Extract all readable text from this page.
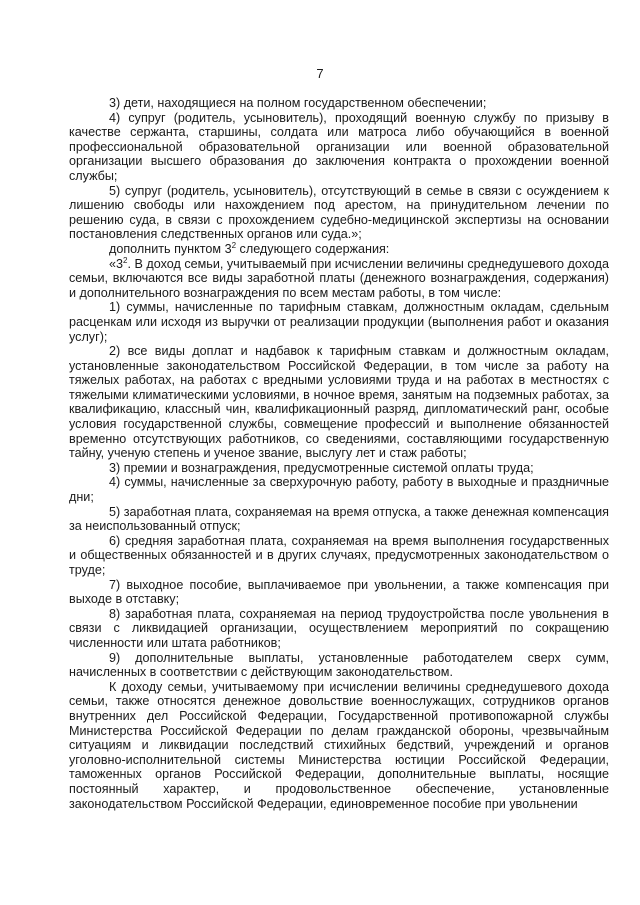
7

3) дети, находящиеся на полном государственном обеспечении;

4) супруг (родитель, усыновитель), проходящий военную службу по призыву в качестве сержанта, старшины, солдата или матроса либо обучающийся в военной профессиональной образовательной организации или военной образовательной организации высшего образования до заключения контракта о прохождении военной службы;

5) супруг (родитель, усыновитель), отсутствующий в семье в связи с осуждением к лишению свободы или нахождением под арестом, на принудительном лечении по решению суда, в связи с прохождением судебно-медицинской экспертизы на основании постановления следственных органов или суда.»;

дополнить пунктом $3^2$ следующего содержания:

«$3^2$. В доход семьи, учитываемый при исчислении величины среднедушевого дохода семьи, включаются все виды заработной платы (денежного вознаграждения, содержания) и дополнительного вознаграждения по всем местам работы, в том числе:

1) суммы, начисленные по тарифным ставкам, должностным окладам, сдельным расценкам или исходя из выручки от реализации продукции (выполнения работ и оказания услуг);

2) все виды доплат и надбавок к тарифным ставкам и должностным окладам, установленные законодательством Российской Федерации, в том числе за работу на тяжелых работах, на работах с вредными условиями труда и на работах в местностях с тяжелыми климатическими условиями, в ночное время, занятым на подземных работах, за квалификацию, классный чин, квалификационный разряд, дипломатический ранг, особые условия государственной службы, совмещение профессий и выполнение обязанностей временно отсутствующих работников, со сведениями, составляющими государственную тайну, ученую степень и ученое звание, выслугу лет и стаж работы;

3) премии и вознаграждения, предусмотренные системой оплаты труда;

4) суммы, начисленные за сверхурочную работу, работу в выходные и праздничные дни;

5) заработная плата, сохраняемая на время отпуска, а также денежная компенсация за неиспользованный отпуск;

6) средняя заработная плата, сохраняемая на время выполнения государственных и общественных обязанностей и в других случаях, предусмотренных законодательством о труде;

7) выходное пособие, выплачиваемое при увольнении, а также компенсация при выходе в отставку;

8) заработная плата, сохраняемая на период трудоустройства после увольнения в связи с ликвидацией организации, осуществлением мероприятий по сокращению численности или штата работников;

9) дополнительные выплаты, установленные работодателем сверх сумм, начисленных в соответствии с действующим законодательством.

К доходу семьи, учитываемому при исчислении величины среднедушевого дохода семьи, также относятся денежное довольствие военнослужащих, сотрудников органов внутренних дел Российской Федерации, Государственной противопожарной службы Министерства Российской Федерации по делам гражданской обороны, чрезвычайным ситуациям и ликвидации последствий стихийных бедствий, учреждений и органов уголовно-исполнительной системы Министерства юстиции Российской Федерации, таможенных органов Российской Федерации, дополнительные выплаты, носящие постоянный характер, и продовольственное обеспечение, установленные законодательством Российской Федерации, единовременное пособие при увольнении
